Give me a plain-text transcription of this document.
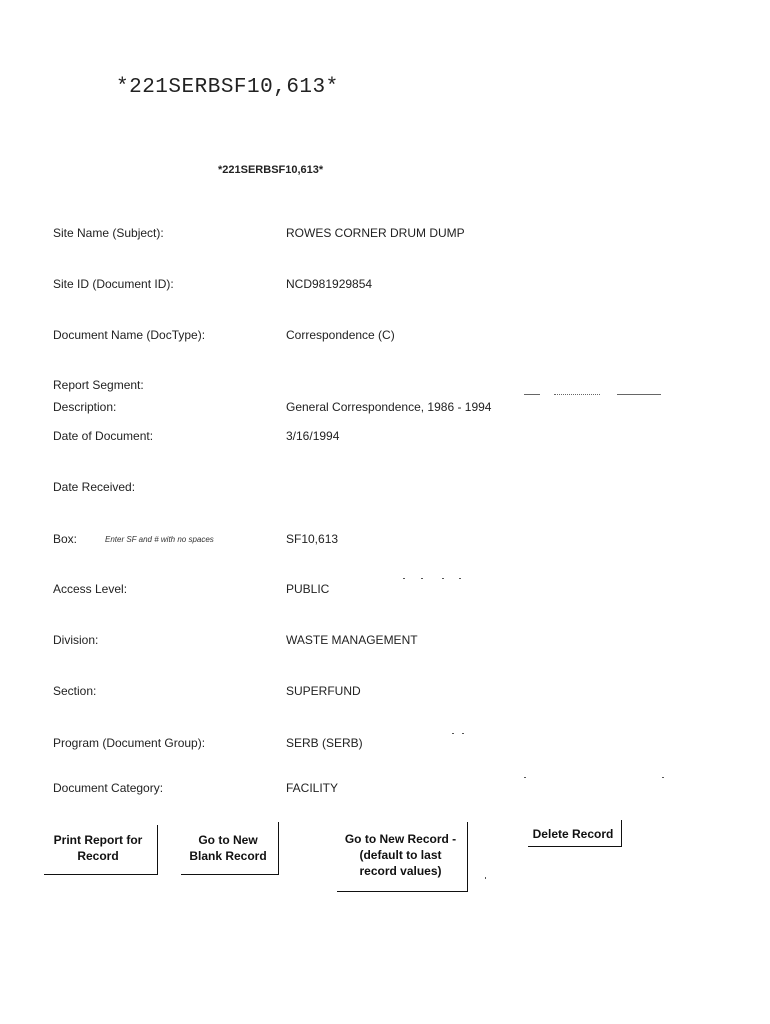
*221SERBSF10,613*
*221SERBSF10,613*
Site Name (Subject):	ROWES CORNER DRUM DUMP
Site ID (Document ID):	NCD981929854
Document Name (DocType):	Correspondence (C)
Report Segment:
Description:	General Correspondence, 1986 - 1994
Date of Document:	3/16/1994
Date Received:
Box:	Enter SF and # with no spaces	SF10,613
Access Level:	PUBLIC
Division:	WASTE MANAGEMENT
Section:	SUPERFUND
Program (Document Group):	SERB (SERB)
Document Category:	FACILITY
Print Report for
Record
Go to New
Blank Record
Go to New Record -
(default to last
record values)
Delete Record
